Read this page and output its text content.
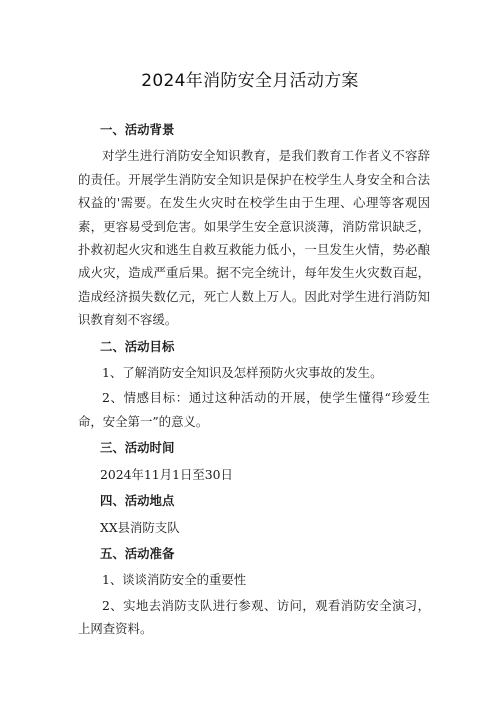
2024年消防安全月活动方案
一、活动背景
对学生进行消防安全知识教育，是我们教育工作者义不容辞的责任。开展学生消防安全知识是保护在校学生人身安全和合法权益的'需要。在发生火灾时在校学生由于生理、心理等客观因素，更容易受到危害。如果学生安全意识淡薄，消防常识缺乏，扑救初起火灾和逃生自救互救能力低小，一旦发生火情，势必酿成火灾，造成严重后果。据不完全统计，每年发生火灾数百起，造成经济损失数亿元，死亡人数上万人。因此对学生进行消防知识教育刻不容缓。
二、活动目标
1、了解消防安全知识及怎样预防火灾事故的发生。
2、情感目标：通过这种活动的开展，使学生懂得“珍爱生命，安全第一”的意义。
三、活动时间
2024年11月1日至30日
四、活动地点
XX县消防支队
五、活动准备
1、谈谈消防安全的重要性
2、实地去消防支队进行参观、访问，观看消防安全演习，上网查资料。
